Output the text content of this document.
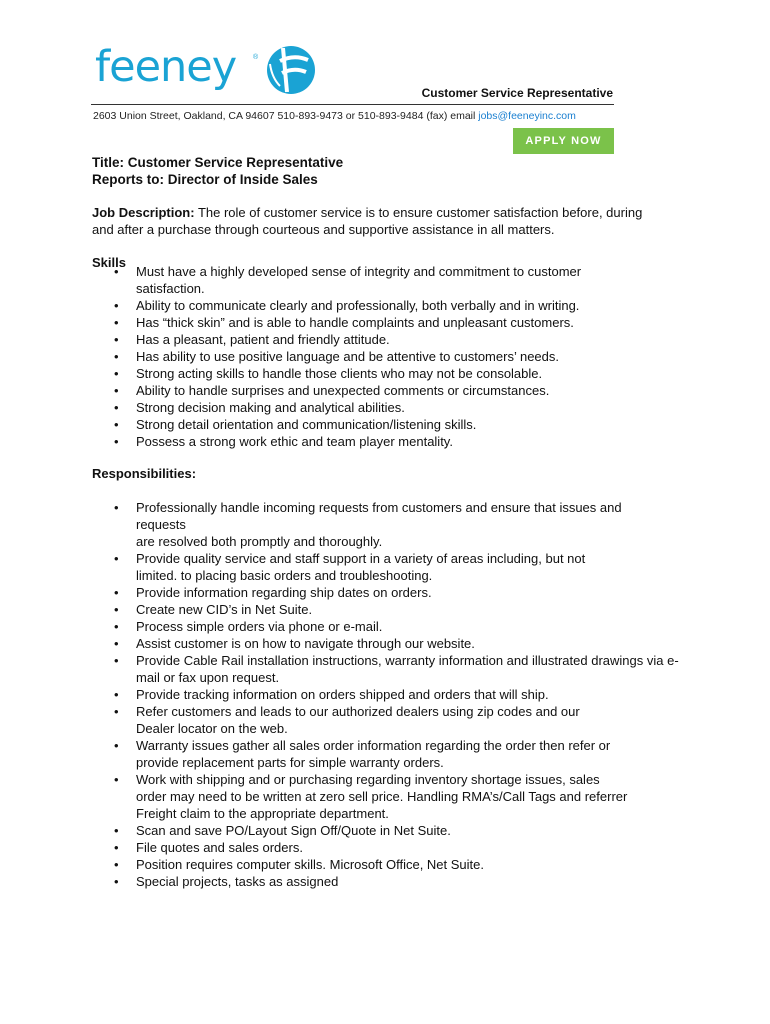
feeney ®
Customer Service Representative
2603 Union Street, Oakland, CA 94607 510-893-9473 or 510-893-9484 (fax) email jobs@feeneyinc.com
APPLY NOW
Title: Customer Service Representative
Reports to: Director of Inside Sales

Job Description: The role of customer service is to ensure customer satisfaction before, during and after a purchase through courteous and supportive assistance in all matters.

Skills
• Must have a highly developed sense of integrity and commitment to customer satisfaction.
• Ability to communicate clearly and professionally, both verbally and in writing.
• Has “thick skin” and is able to handle complaints and unpleasant customers.
• Has a pleasant, patient and friendly attitude.
• Has ability to use positive language and be attentive to customers’ needs.
• Strong acting skills to handle those clients who may not be consolable.
• Ability to handle surprises and unexpected comments or circumstances.
• Strong decision making and analytical abilities.
• Strong detail orientation and communication/listening skills.
• Possess a strong work ethic and team player mentality.
Responsibilities:
• Professionally handle incoming requests from customers and ensure that issues and requests
are resolved both promptly and thoroughly.
• Provide quality service and staff support in a variety of areas including, but not limited. to placing basic orders and troubleshooting.
• Provide information regarding ship dates on orders.
• Create new CID’s in Net Suite.
• Process simple orders via phone or e-mail.
• Assist customer is on how to navigate through our website.
• Provide Cable Rail installation instructions, warranty information and illustrated drawings via e-mail or fax upon request.
• Provide tracking information on orders shipped and orders that will ship.
• Refer customers and leads to our authorized dealers using zip codes and our Dealer locator on the web.
• Warranty issues gather all sales order information regarding the order then refer or provide replacement parts for simple warranty orders.
• Work with shipping and or purchasing regarding inventory shortage issues, sales order may need to be written at zero sell price. Handling RMA’s/Call Tags and referrer Freight claim to the appropriate department.
• Scan and save PO/Layout Sign Off/Quote in Net Suite.
• File quotes and sales orders.
• Position requires computer skills. Microsoft Office, Net Suite.
• Special projects, tasks as assigned
